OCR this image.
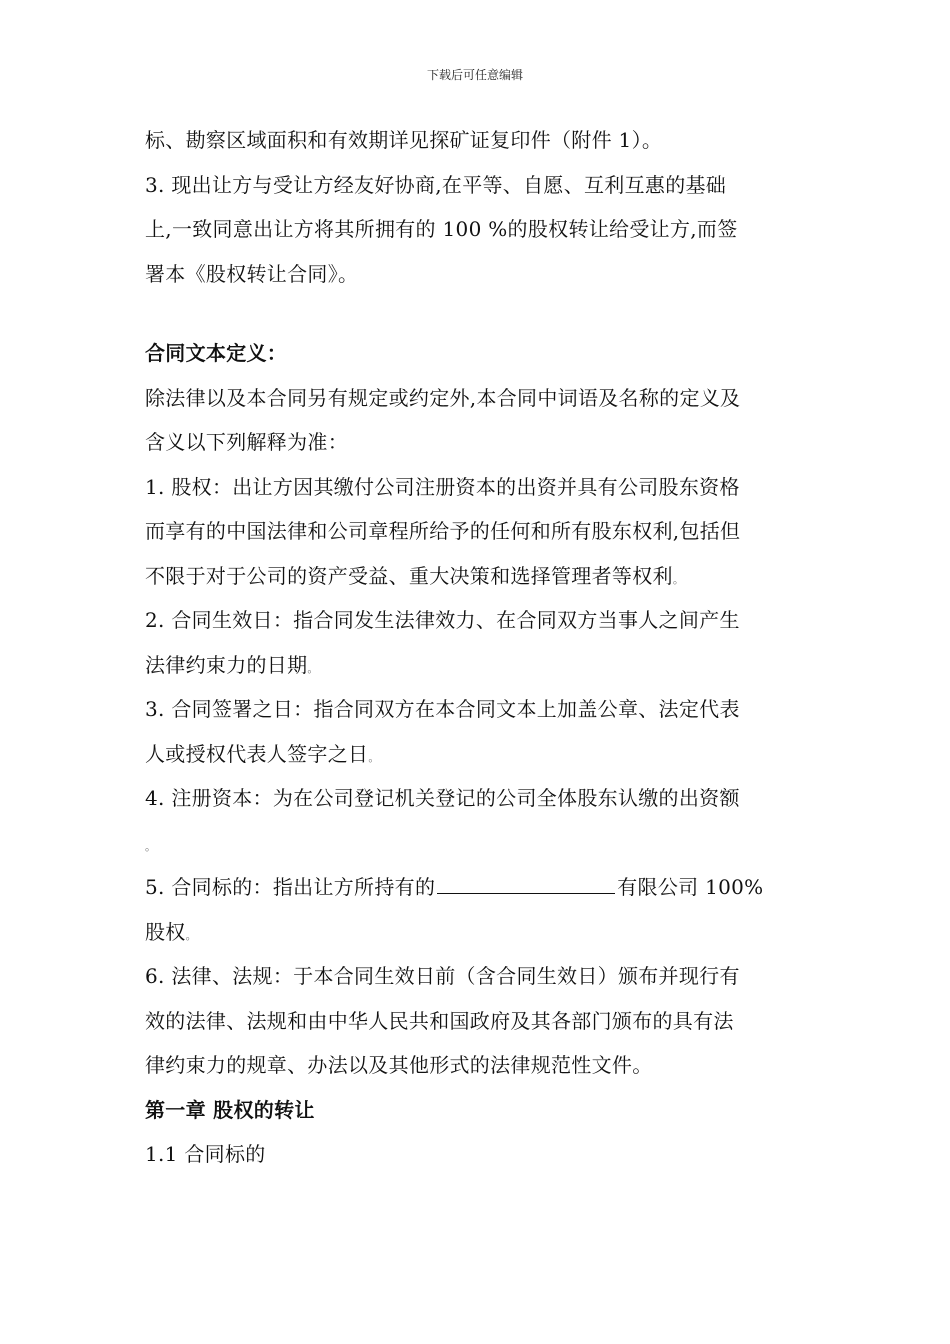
下载后可任意编辑
标、勘察区域面积和有效期详见探矿证复印件（附件 1）。
3. 现出让方与受让方经友好协商,在平等、自愿、互利互惠的基础
上,一致同意出让方将其所拥有的 100 %的股权转让给受让方,而签
署本《股权转让合同》。
合同文本定义：
除法律以及本合同另有规定或约定外,本合同中词语及名称的定义及
含义以下列解释为准：
1. 股权：出让方因其缴付公司注册资本的出资并具有公司股东资格
而享有的中国法律和公司章程所给予的任何和所有股东权利,包括但
不限于对于公司的资产受益、重大决策和选择管理者等权利。
2. 合同生效日：指合同发生法律效力、在合同双方当事人之间产生
法律约束力的日期。
3. 合同签署之日：指合同双方在本合同文本上加盖公章、法定代表
人或授权代表人签字之日。
4. 注册资本：为在公司登记机关登记的公司全体股东认缴的出资额
。
5. 合同标的：指出让方所持有的	有限公司 100%
股权。
6. 法律、法规：于本合同生效日前（含合同生效日）颁布并现行有
效的法律、法规和由中华人民共和国政府及其各部门颁布的具有法
律约束力的规章、办法以及其他形式的法律规范性文件。
第一章 股权的转让
1.1 合同标的
